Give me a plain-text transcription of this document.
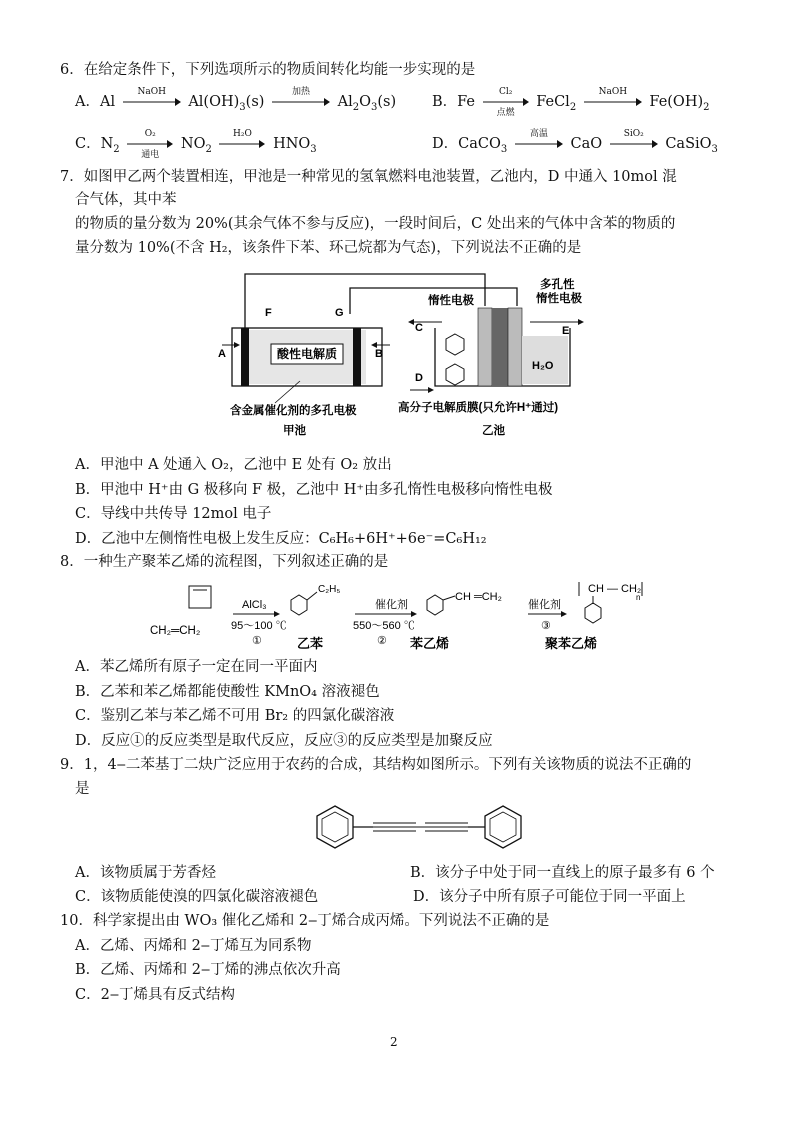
6．在给定条件下，下列选项所示的物质间转化均能一步实现的是
A．Al
NaOH
$Al(OH)_3(s)$
加热
$Al_2O_3(s)$ B．Fe
Cl₂
点燃
FeCl$_2$
NaOH
$Fe(OH)_2$
C．$N_2$
O₂
通电
$NO_2$
H₂O
$HNO_3$	D．CaCO$_3$
高温
CaO
SiO₂
CaSiO$_3$
7．如图甲乙两个装置相连，甲池是一种常见的氢氧燃料电池装置，乙池内，D 中通入 10mol 混
合气体，其中苯
的物质的量分数为 20%(其余气体不参与反应)，一段时间后，C 处出来的气体中含苯的物质的
量分数为 10%(不含 H₂，该条件下苯、环己烷都为气态)，下列说法不正确的是
酸性电解质
F	G
A	B
含金属催化剂的多孔电极
甲池
惰性电极
多孔性
惰性电极
H₂O
C
D
E
高分子电解质膜(只允许H⁺通过)
乙池
A．甲池中 A 处通入 O₂，乙池中 E 处有 O₂ 放出
B．甲池中 H⁺由 G 极移向 F 极，乙池中 H⁺由多孔惰性电极移向惰性电极
C．导线中共传导 12mol 电子
D．乙池中左侧惰性电极上发生反应：C₆H₆+6H⁺+6e⁻=C₆H₁₂
8．一种生产聚苯乙烯的流程图，下列叙述正确的是
CH₂═CH₂
AlCl₃
95～100 ℃
①
C₂H₅
乙苯
催化剂
550～560 ℃
②
CH ═CH₂
苯乙烯
催化剂
③
CH — CH₂
n
聚苯乙烯
A．苯乙烯所有原子一定在同一平面内
B．乙苯和苯乙烯都能使酸性 KMnO₄ 溶液褪色
C．鉴别乙苯与苯乙烯不可用 Br₂ 的四氯化碳溶液
D．反应①的反应类型是取代反应，反应③的反应类型是加聚反应
9．1，4‒二苯基丁二炔广泛应用于农药的合成，其结构如图所示。下列有关该物质的说法不正确的
是
A．该物质属于芳香烃	B．该分子中处于同一直线上的原子最多有 6 个
C．该物质能使溴的四氯化碳溶液褪色	D．该分子中所有原子可能位于同一平面上
10．科学家提出由 WO₃ 催化乙烯和 2‒丁烯合成丙烯。下列说法不正确的是
A．乙烯、丙烯和 2‒丁烯互为同系物
B．乙烯、丙烯和 2‒丁烯的沸点依次升高
C．2‒丁烯具有反式结构
2
